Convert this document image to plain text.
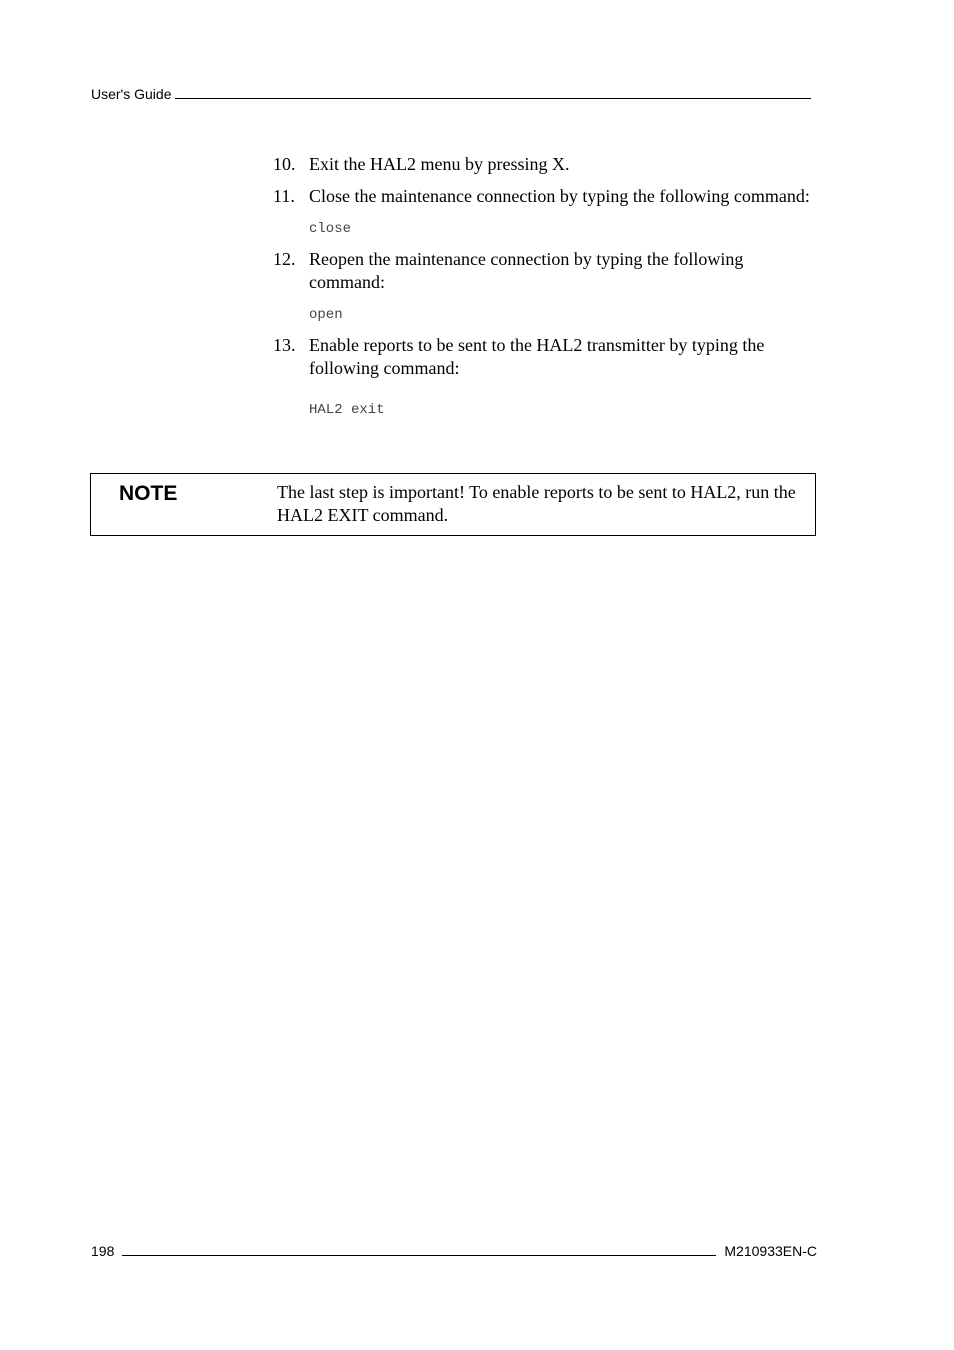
User's Guide
10. Exit the HAL2 menu by pressing X.
11. Close the maintenance connection by typing the following command:
close
12. Reopen the maintenance connection by typing the following command:
open
13. Enable reports to be sent to the HAL2 transmitter by typing the following command:
HAL2 exit
NOTE	The last step is important! To enable reports to be sent to HAL2, run the HAL2 EXIT command.
198	M210933EN-C
